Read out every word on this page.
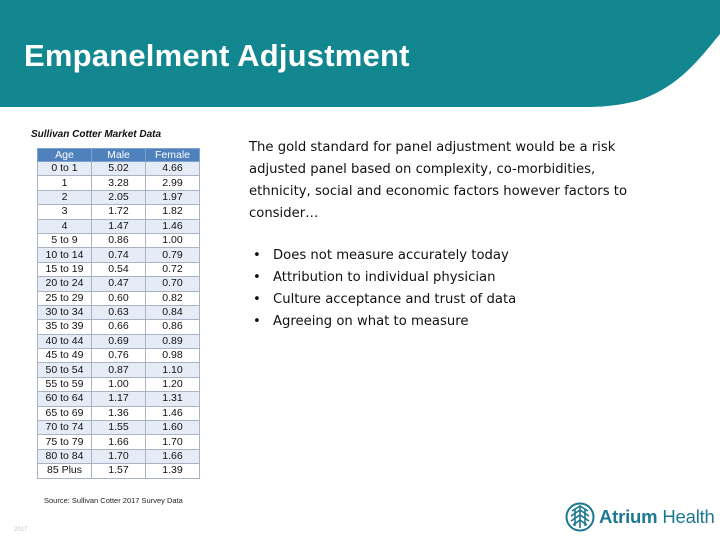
Empanelment Adjustment
Sullivan Cotter Market Data
Age	Male	Female
0 to 1	5.02	4.66
1	3.28	2.99
2	2.05	1.97
3	1.72	1.82
4	1.47	1.46
5 to 9	0.86	1.00
10 to 14	0.74	0.79
15 to 19	0.54	0.72
20 to 24	0.47	0.70
25 to 29	0.60	0.82
30 to 34	0.63	0.84
35 to 39	0.66	0.86
40 to 44	0.69	0.89
45 to 49	0.76	0.98
50 to 54	0.87	1.10
55 to 59	1.00	1.20
60 to 64	1.17	1.31
65 to 69	1.36	1.46
70 to 74	1.55	1.60
75 to 79	1.66	1.70
80 to 84	1.70	1.66
85 Plus	1.57	1.39
Source: Sullivan Cotter 2017 Survey Data
2017

The gold standard for panel adjustment would be a risk adjusted panel based on complexity, co-morbidities, ethnicity, social and economic factors however factors to consider…

• Does not measure accurately today
• Attribution to individual physician
• Culture acceptance and trust of data
• Agreeing on what to measure
Atrium Health
